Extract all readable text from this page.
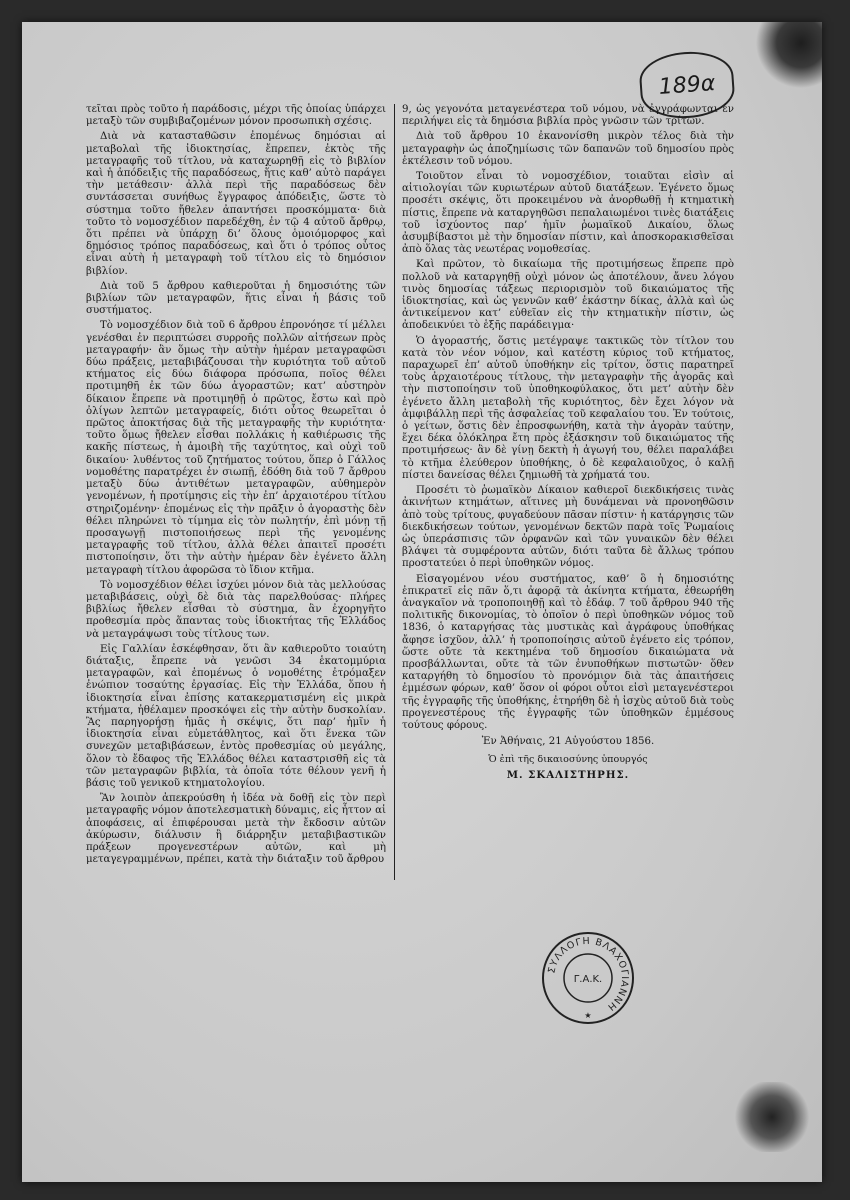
189α

τεῖται πρὸς τοῦτο ἡ παράδοσις, μέχρι τῆς ὁποίας ὑπάρχει μεταξὺ τῶν συμβιβαζομένων μόνον προσωπικὴ σχέσις.

Διὰ νὰ κατασταθῶσιν ἐπομένως δημόσιαι αἱ μεταβολαὶ τῆς ἰδιοκτησίας, ἔπρεπεν, ἐκτὸς τῆς μεταγραφῆς τοῦ τίτλου, νὰ καταχωρηθῇ εἰς τὸ βιβλίον καὶ ἡ ἀπόδειξις τῆς παραδόσεως, ἥτις καθ’ αὐτὸ παράγει τὴν μετάθεσιν· ἀλλὰ περὶ τῆς παραδόσεως δὲν συντάσσεται συνήθως ἔγγραφος ἀπόδειξις, ὥστε τὸ σύστημα τοῦτο ἤθελεν ἀπαντήσει προσκόμματα· διὰ τοῦτο τὸ νομοσχέδιον παρεδέχθη, ἐν τῷ 4 αὐτοῦ ἄρθρῳ, ὅτι πρέπει νὰ ὑπάρχῃ δι’ ὅλους ὁμοιόμορφος καὶ δημόσιος τρόπος παραδόσεως, καὶ ὅτι ὁ τρόπος οὗτος εἶναι αὐτὴ ἡ μεταγραφὴ τοῦ τίτλου εἰς τὸ δημόσιον βιβλίον.

Διὰ τοῦ 5 ἄρθρου καθιεροῦται ἡ δημοσιότης τῶν βιβλίων τῶν μεταγραφῶν, ἥτις εἶναι ἡ βάσις τοῦ συστήματος.

Τὸ νομοσχέδιον διὰ τοῦ 6 ἄρθρου ἐπρονόησε τί μέλλει γενέσθαι ἐν περιπτώσει συρροῆς πολλῶν αἰτήσεων πρὸς μεταγραφήν· ἂν ὅμως τὴν αὐτὴν ἡμέραν μεταγραφῶσι δύω πράξεις, μεταβιβάζουσαι τὴν κυριότητα τοῦ αὐτοῦ κτήματος εἰς δύω διάφορα πρόσωπα, ποῖος θέλει προτιμηθῆ ἐκ τῶν δύω ἀγοραστῶν; κατ’ αὐστηρὸν δίκαιον ἔπρεπε νὰ προτιμηθῇ ὁ πρῶτος, ἔστω καὶ πρὸ ὀλίγων λεπτῶν μεταγραφείς, διότι οὗτος θεωρεῖται ὁ πρῶτος ἀποκτήσας διὰ τῆς μεταγραφῆς τὴν κυριότητα· τοῦτο ὅμως ἤθελεν εἶσθαι πολλάκις ἡ καθιέρωσις τῆς κακῆς πίστεως, ἡ ἀμοιβὴ τῆς ταχύτητος, καὶ οὐχὶ τοῦ δικαίου· λυθέντος τοῦ ζητήματος τούτου, ὅπερ ὁ Γάλλος νομοθέτης παρατρέχει ἐν σιωπῇ, ἐδόθη διὰ τοῦ 7 ἄρθρου μεταξὺ δύω ἀντιθέτων μεταγραφῶν, αὐθημερὸν γενομένων, ἡ προτίμησις εἰς τὴν ἐπ’ ἀρχαιοτέρου τίτλου στηριζομένην· ἐπομένως εἰς τὴν πρᾶξιν ὁ ἀγοραστὴς δὲν θέλει πληρώνει τὸ τίμημα εἰς τὸν πωλητήν, ἐπὶ μόνῃ τῇ προσαγωγῇ πιστοποιήσεως περὶ τῆς γενομένης μεταγραφῆς τοῦ τίτλου, ἀλλὰ θέλει ἀπαιτεῖ προσέτι πιστοποίησιν, ὅτι τὴν αὐτὴν ἡμέραν δὲν ἐγένετο ἄλλη μεταγραφὴ τίτλου ἀφορῶσα τὸ ἴδιον κτῆμα.

Τὸ νομοσχέδιον θέλει ἰσχύει μόνον διὰ τὰς μελλούσας μεταβιβάσεις, οὐχὶ δὲ διὰ τὰς παρελθούσας· πλήρες βιβλίως ἤθελεν εἶσθαι τὸ σύστημα, ἂν ἐχορηγῆτο προθεσμία πρὸς ἅπαντας τοὺς ἰδιοκτήτας τῆς Ἑλλάδος νὰ μεταγράψωσι τοὺς τίτλους των.

Εἰς Γαλλίαν ἐσκέφθησαν, ὅτι ἂν καθιεροῦτο τοιαύτη διάταξις, ἔπρεπε νὰ γενῶσι 34 ἑκατομμύρια μεταγραφῶν, καὶ ἐπομένως ὁ νομοθέτης ἐτρόμαξεν ἐνώπιον τοσαύτης ἐργασίας. Εἰς τὴν Ἑλλάδα, ὅπου ἡ ἰδιοκτησία εἶναι ἐπίσης κατακερματισμένη εἰς μικρὰ κτήματα, ἠθέλαμεν προσκόψει εἰς τὴν αὐτὴν δυσκολίαν. Ἂς παρηγορήσῃ ἡμᾶς ἡ σκέψις, ὅτι παρ’ ἡμῖν ἡ ἰδιοκτησία εἶναι εὐμετάθλητος, καὶ ὅτι ἕνεκα τῶν συνεχῶν μεταβιβάσεων, ἐντὸς προθεσμίας οὐ μεγάλης, ὅλον τὸ ἔδαφος τῆς Ἑλλάδος θέλει καταστρισθῆ εἰς τὰ τῶν μεταγραφῶν βιβλία, τὰ ὁποῖα τότε θέλουν γενῆ ἡ βάσις τοῦ γενικοῦ κτηματολογίου.

Ἂν λοιπὸν ἀπεκρούσθη ἡ ἰδέα νὰ δοθῇ εἰς τὸν περὶ μεταγραφῆς νόμον ἀποτελεσματικὴ δύναμις, εἰς ἧττον αἱ ἀποφάσεις, αἱ ἐπιφέρουσαι μετὰ τὴν ἔκδοσιν αὐτῶν ἀκύρωσιν, διάλυσιν ἢ διάρρηξιν μεταβιβαστικῶν πράξεων προγενεστέρων αὐτῶν, καὶ μὴ μεταγεγραμμένων, πρέπει, κατὰ τὴν διάταξιν τοῦ ἄρθρου

9, ὡς γεγονότα μεταγενέστερα τοῦ νόμου, νὰ ἐγγράφωνται ἐν περιλήψει εἰς τὰ δημόσια βιβλία πρὸς γνῶσιν τῶν τρίτων.

Διὰ τοῦ ἄρθρου 10 ἐκανονίσθη μικρὸν τέλος διὰ τὴν μεταγραφὴν ὡς ἀποζημίωσις τῶν δαπανῶν τοῦ δημοσίου πρὸς ἐκτέλεσιν τοῦ νόμου.

Τοιοῦτον εἶναι τὸ νομοσχέδιον, τοιαῦται εἰσὶν αἱ αἰτιολογίαι τῶν κυριωτέρων αὐτοῦ διατάξεων. Ἐγένετο ὅμως προσέτι σκέψις, ὅτι προκειμένου νὰ ἀνορθωθῇ ἡ κτηματικὴ πίστις, ἔπρεπε νὰ καταργηθῶσι πεπαλαιωμένοι τινὲς διατάξεις τοῦ ἰσχύοντος παρ’ ἡμῖν ῥωμαϊκοῦ Δικαίου, ὅλως ἀσυμβίβαστοι μὲ τὴν δημοσίαν πίστιν, καὶ ἀποσκορακισθεῖσαι ἀπὸ ὅλας τὰς νεωτέρας νομοθεσίας.

Καὶ πρῶτον, τὸ δικαίωμα τῆς προτιμήσεως ἔπρεπε πρὸ πολλοῦ νὰ καταργηθῇ οὐχὶ μόνον ὡς ἀποτέλουν, ἄνευ λόγου τινὸς δημοσίας τάξεως περιορισμὸν τοῦ δικαιώματος τῆς ἰδιοκτησίας, καὶ ὡς γεννῶν καθ’ ἑκάστην δίκας, ἀλλὰ καὶ ὡς ἀντικείμενον κατ’ εὐθεῖαν εἰς τὴν κτηματικὴν πίστιν, ὡς ἀποδεικνύει τὸ ἑξῆς παράδειγμα·

Ὁ ἀγοραστής, ὅστις μετέγραψε τακτικῶς τὸν τίτλον του κατὰ τὸν νέον νόμον, καὶ κατέστη κύριος τοῦ κτήματος, παραχωρεῖ ἐπ’ αὐτοῦ ὑποθήκην εἰς τρίτον, ὅστις παρατηρεῖ τοὺς ἀρχαιοτέρους τίτλους, τὴν μεταγραφὴν τῆς ἀγορᾶς καὶ τὴν πιστοποίησιν τοῦ ὑποθηκοφύλακος, ὅτι μετ’ αὐτὴν δὲν ἐγένετο ἄλλη μεταβολὴ τῆς κυριότητος, δὲν ἔχει λόγον νὰ ἀμφιβάλλῃ περὶ τῆς ἀσφαλείας τοῦ κεφαλαίου του. Ἐν τούτοις, ὁ γείτων, ὅστις δὲν ἐπροσφωνήθη, κατὰ τὴν ἀγορὰν ταύτην, ἔχει δέκα ὁλόκληρα ἔτη πρὸς ἐξάσκησιν τοῦ δικαιώματος τῆς προτιμήσεως· ἂν δὲ γίνῃ δεκτὴ ἡ ἀγωγή του, θέλει παραλάβει τὸ κτῆμα ἐλεύθερον ὑποθήκης, ὁ δὲ κεφαλαιοῦχος, ὁ καλῇ πίστει δανείσας θέλει ζημιωθῆ τὰ χρήματά του.

Προσέτι τὸ ῥωμαϊκὸν Δίκαιον καθιεροῖ διεκδικήσεις τινὰς ἀκινήτων κτημάτων, αἵτινες μὴ δυνάμεναι νὰ προνοηθῶσιν ἀπὸ τοὺς τρίτους, φυγαδεύουν πᾶσαν πίστιν· ἡ κατάργησις τῶν διεκδικήσεων τούτων, γενομένων δεκτῶν παρὰ τοῖς Ῥωμαίοις ὡς ὑπεράσπισις τῶν ὀρφανῶν καὶ τῶν γυναικῶν δὲν θέλει βλάψει τὰ συμφέροντα αὐτῶν, διότι ταῦτα δὲ ἄλλως τρόπου προστατεύει ὁ περὶ ὑποθηκῶν νόμος.

Εἰσαγομένου νέου συστήματος, καθ’ ὃ ἡ δημοσιότης ἐπικρατεῖ εἰς πᾶν ὅ,τι ἀφορᾷ τὰ ἀκίνητα κτήματα, ἐθεωρήθη ἀναγκαῖον νὰ τροποποιηθῇ καὶ τὸ ἐδάφ. 7 τοῦ ἄρθρου 940 τῆς πολιτικῆς δικονομίας, τὸ ὁποῖον ὁ περὶ ὑποθηκῶν νόμος τοῦ 1836, ὁ καταργήσας τὰς μυστικὰς καὶ ἀγράφους ὑποθήκας ἄφησε ἰσχῦον, ἀλλ’ ἡ τροποποίησις αὐτοῦ ἐγένετο εἰς τρόπον, ὥστε οὔτε τὰ κεκτημένα τοῦ δημοσίου δικαιώματα νὰ προσβάλλωνται, οὔτε τὰ τῶν ἐνυποθήκων πιστωτῶν· ὅθεν καταργήθη τὸ δημοσίου τὸ προνόμιον διὰ τὰς ἀπαιτήσεις ἐμμέσων φόρων, καθ’ ὅσον οἱ φόροι οὗτοι εἰσὶ μεταγενέστεροι τῆς ἐγγραφῆς τῆς ὑποθήκης, ἐτηρήθη δὲ ἡ ἰσχὺς αὐτοῦ διὰ τοὺς προγενεστέρους τῆς ἐγγραφῆς τῶν ὑποθηκῶν ἐμμέσους τούτους φόρους.

Ἐν Ἀθήναις, 21 Αὐγούστου 1856.
Ὁ ἐπὶ τῆς δικαιοσύνης ὑπουργός
Μ. ΣΚΑΛΙΣΤΗΡΗΣ.
ΣΥΛΛΟΓΗ ΒΛΑΧΟΓΙΑΝΝΗ
Γ.Α.Κ.
★
